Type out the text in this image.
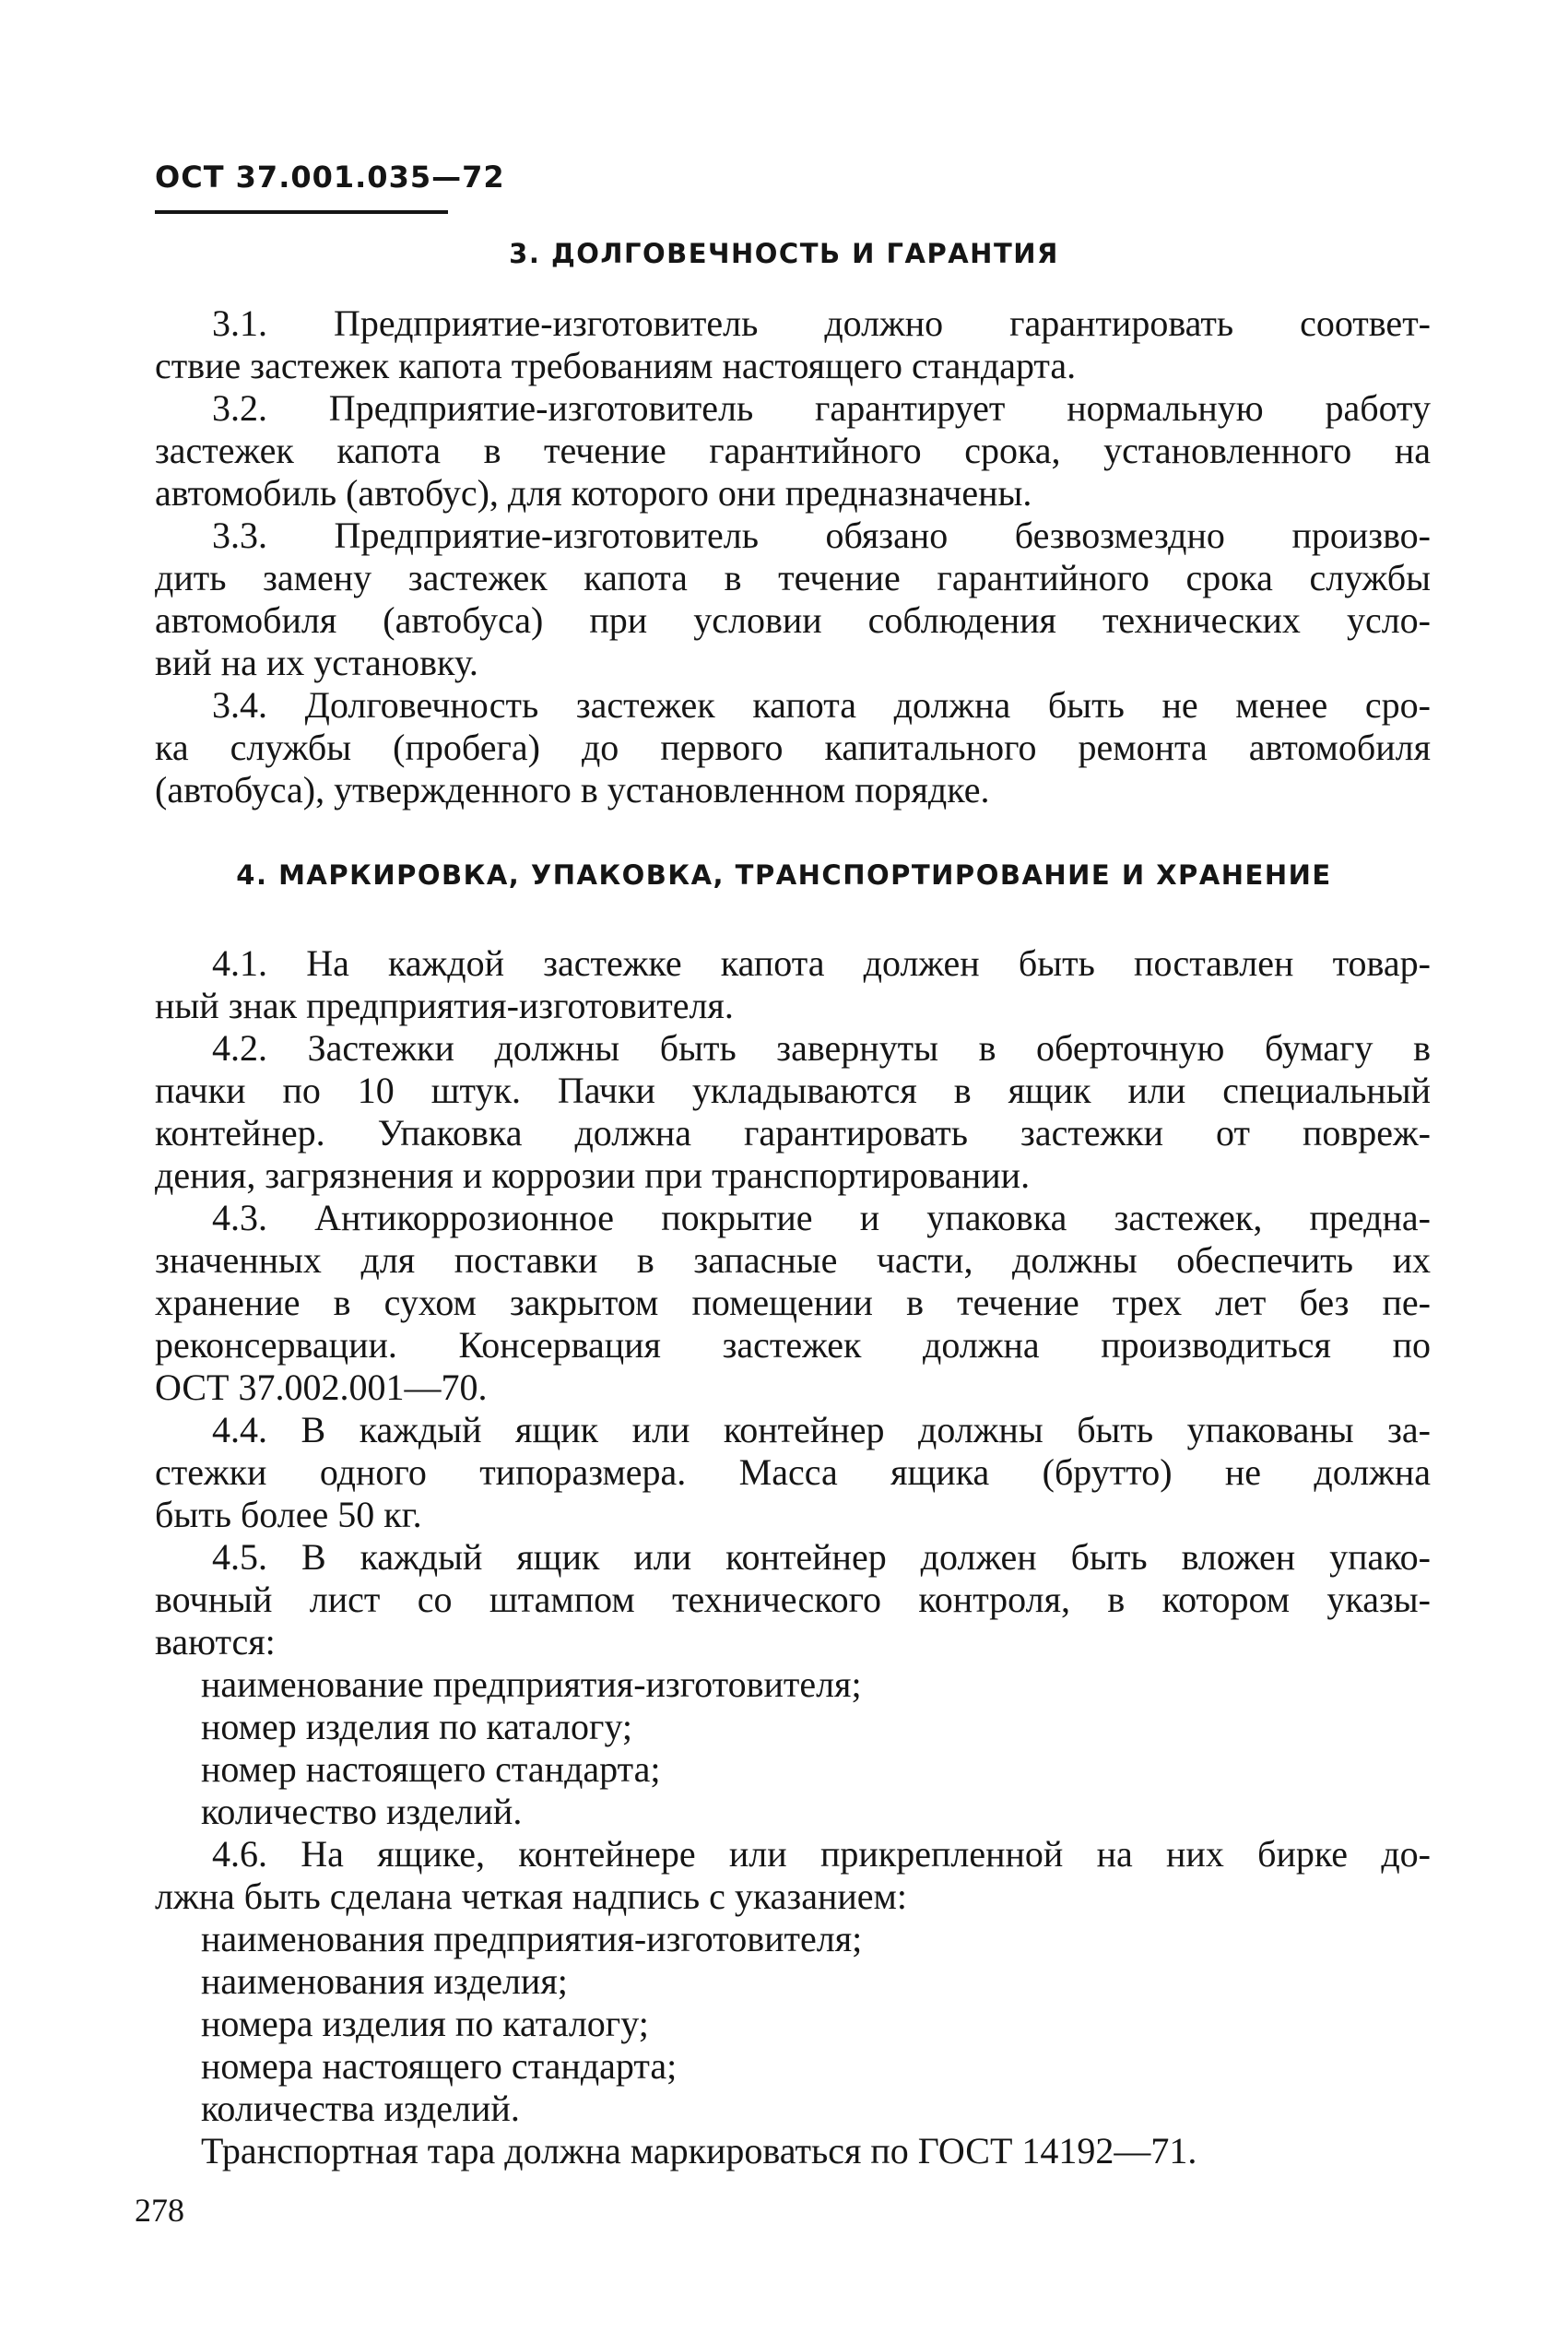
ОСТ 37.001.035—72

3. ДОЛГОВЕЧНОСТЬ И ГАРАНТИЯ

3.1. Предприятие-изготовитель должно гарантировать соответ-

ствие застежек капота требованиям настоящего стандарта.

3.2. Предприятие-изготовитель гарантирует нормальную работу

застежек капота в течение гарантийного срока, установленного на

автомобиль (автобус), для которого они предназначены.

3.3. Предприятие-изготовитель обязано безвозмездно произво-

дить замену застежек капота в течение гарантийного срока службы

автомобиля (автобуса) при условии соблюдения технических усло-

вий на их установку.

3.4. Долговечность застежек капота должна быть не менее сро-

ка службы (пробега) до первого капитального ремонта автомобиля

(автобуса), утвержденного в установленном порядке.

4. МАРКИРОВКА, УПАКОВКА, ТРАНСПОРТИРОВАНИЕ И ХРАНЕНИЕ

4.1. На каждой застежке капота должен быть поставлен товар-

ный знак предприятия-изготовителя.

4.2. Застежки должны быть завернуты в оберточную бумагу в

пачки по 10 штук. Пачки укладываются в ящик или специальный

контейнер. Упаковка должна гарантировать застежки от повреж-

дения, загрязнения и коррозии при транспортировании.

4.3. Антикоррозионное покрытие и упаковка застежек, предна-

значенных для поставки в запасные части, должны обеспечить их

хранение в сухом закрытом помещении в течение трех лет без пе-

реконсервации. Консервация застежек должна производиться по

ОСТ 37.002.001—70.

4.4. В каждый ящик или контейнер должны быть упакованы за-

стежки одного типоразмера. Масса ящика (брутто) не должна

быть более 50 кг.

4.5. В каждый ящик или контейнер должен быть вложен упако-

вочный лист со штампом технического контроля, в котором указы-

ваются:

наименование предприятия-изготовителя;

номер изделия по каталогу;

номер настоящего стандарта;

количество изделий.

4.6. На ящике, контейнере или прикрепленной на них бирке до-

лжна быть сделана четкая надпись с указанием:

наименования предприятия-изготовителя;

наименования изделия;

номера изделия по каталогу;

номера настоящего стандарта;

количества изделий.

Транспортная тара должна маркироваться по ГОСТ 14192—71.

278
